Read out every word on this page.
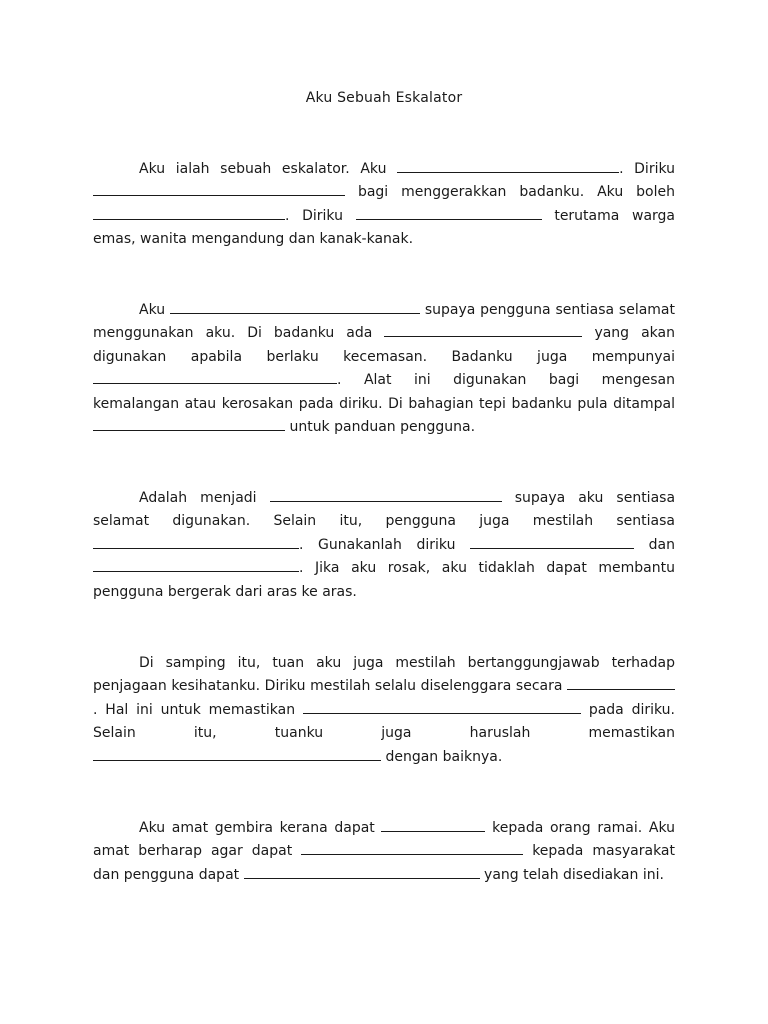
Aku Sebuah Eskalator
Aku ialah sebuah eskalator. Aku	. Diriku  bagi menggerakkan badanku. Aku boleh . Diriku	terutama warga emas, wanita mengandung dan kanak-kanak.
Aku	supaya pengguna sentiasa selamat menggunakan aku. Di badanku ada	yang akan digunakan apabila berlaku kecemasan. Badanku juga mempunyai . Alat ini digunakan bagi mengesan kemalangan atau kerosakan pada diriku. Di bahagian tepi badanku pula ditampal  untuk panduan pengguna.
Adalah menjadi	supaya aku sentiasa selamat digunakan. Selain itu, pengguna juga mestilah sentiasa . Gunakanlah diriku	dan . Jika aku rosak, aku tidaklah dapat membantu pengguna bergerak dari aras ke aras.
Di samping itu, tuan aku juga mestilah bertanggungjawab terhadap penjagaan kesihatanku. Diriku mestilah selalu diselenggara secara . Hal ini untuk memastikan	pada diriku. Selain itu, tuanku juga haruslah memastikan  dengan baiknya.
Aku amat gembira kerana dapat	kepada orang ramai. Aku amat berharap agar dapat	kepada masyarakat dan pengguna dapat	yang telah disediakan ini.
